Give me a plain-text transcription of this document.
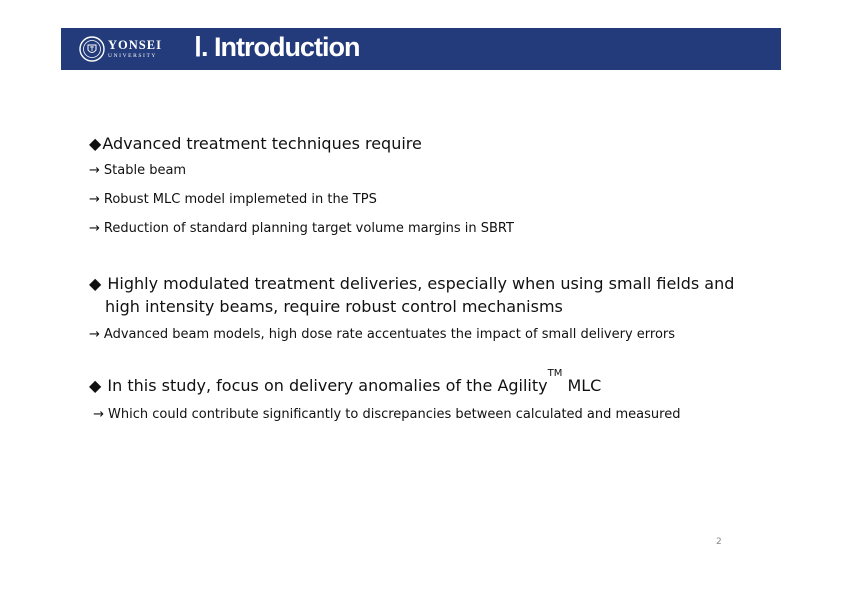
YONSEI
UNIVERSITY Ⅰ. Introduction
◆ Advanced treatment techniques require
→ Stable beam
→ Robust MLC model implemeted in the TPS
→ Reduction of standard planning target volume margins in SBRT
◆ Highly modulated treatment deliveries, especially when using small fields and
high intensity beams, require robust control mechanisms
→ Advanced beam models, high dose rate accentuates the impact of small delivery errors
◆ In this study, focus on delivery anomalies of the Agility
TM
MLC
→ Which could contribute significantly to discrepancies between calculated and measured
2
